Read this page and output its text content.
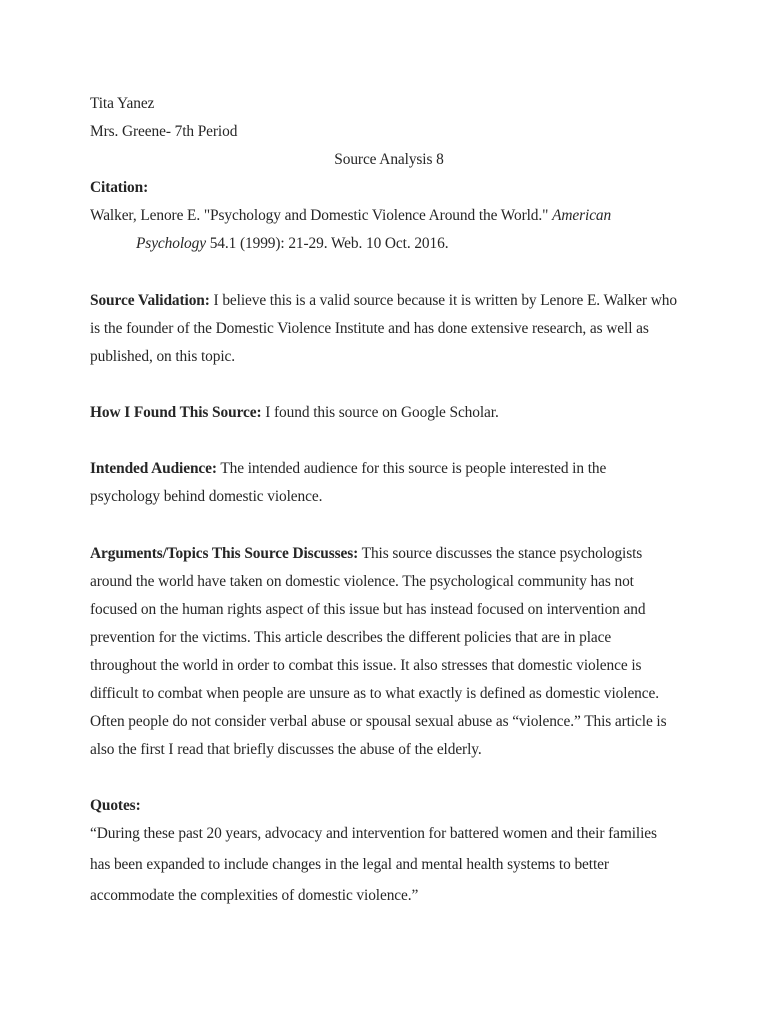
Tita Yanez
Mrs. Greene- 7th Period
Source Analysis 8
Citation:
Walker, Lenore E. "Psychology and Domestic Violence Around the World." American
Psychology 54.1 (1999): 21-29. Web. 10 Oct. 2016.
Source Validation: I believe this is a valid source because it is written by Lenore E. Walker who
is the founder of the Domestic Violence Institute and has done extensive research, as well as
published, on this topic.
How I Found This Source: I found this source on Google Scholar.
Intended Audience: The intended audience for this source is people interested in the
psychology behind domestic violence.
Arguments/Topics This Source Discusses: This source discusses the stance psychologists
around the world have taken on domestic violence. The psychological community has not
focused on the human rights aspect of this issue but has instead focused on intervention and
prevention for the victims. This article describes the different policies that are in place
throughout the world in order to combat this issue. It also stresses that domestic violence is
difficult to combat when people are unsure as to what exactly is defined as domestic violence.
Often people do not consider verbal abuse or spousal sexual abuse as “violence.” This article is
also the first I read that briefly discusses the abuse of the elderly.
Quotes:
“During these past 20 years, advocacy and intervention for battered women and their families
has been expanded to include changes in the legal and mental health systems to better
accommodate the complexities of domestic violence.”
